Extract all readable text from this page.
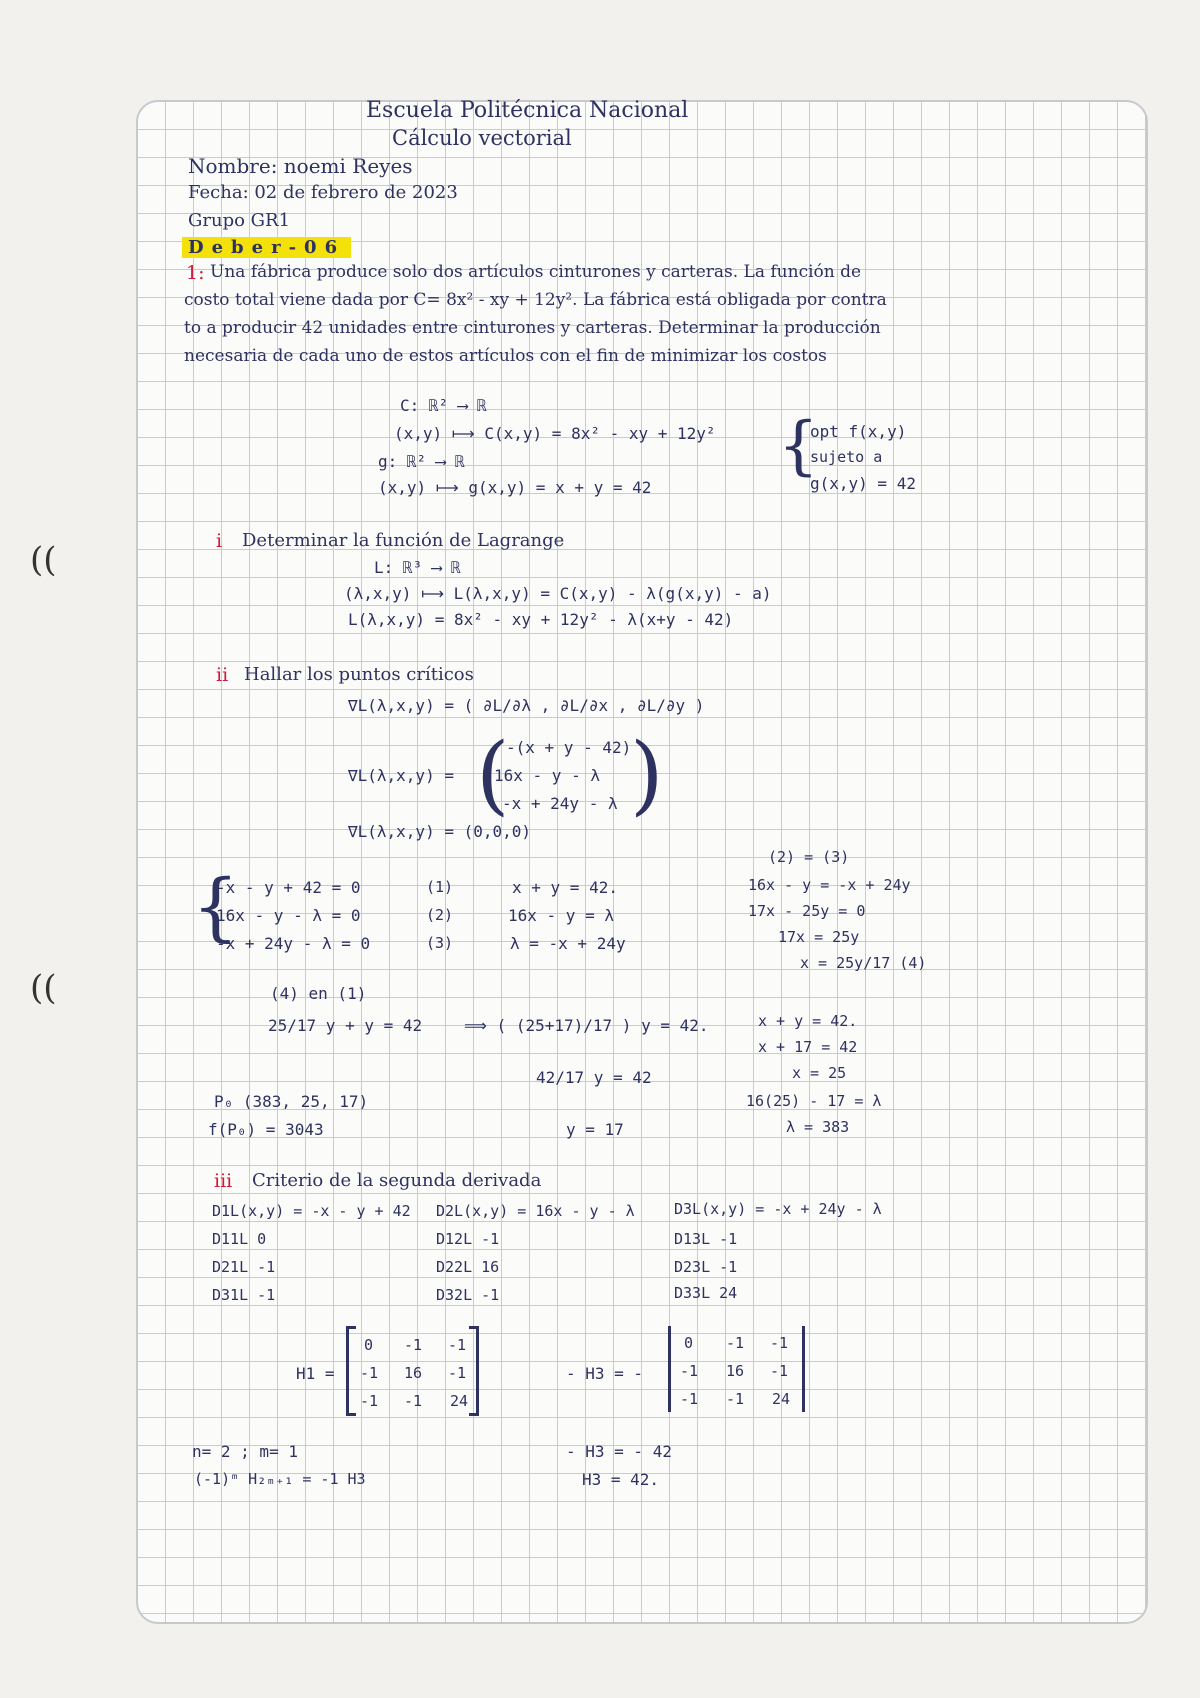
((
((
Escuela Politécnica Nacional
Cálculo vectorial
Nombre: noemi Reyes
Fecha: 02 de febrero de 2023
Grupo GR1
Deber-06
1: Una fábrica produce solo dos artículos cinturones y carteras. La función de
costo total viene dada por C= 8x² - xy + 12y². La fábrica está obligada por contra
to a producir 42 unidades entre cinturones y carteras. Determinar la producción
necesaria de cada uno de estos artículos con el fin de minimizar los costos
C: ℝ² ⟶ ℝ
(x,y) ⟼ C(x,y) = 8x² - xy + 12y²
g: ℝ² ⟶ ℝ
(x,y) ⟼ g(x,y) = x + y = 42
{
opt f(x,y)
sujeto a
g(x,y) = 42
i Determinar la función de Lagrange
L: ℝ³ ⟶ ℝ
(λ,x,y) ⟼ L(λ,x,y) = C(x,y) - λ(g(x,y) - a)
L(λ,x,y) = 8x² - xy + 12y² - λ(x+y - 42)
ii Hallar los puntos críticos
∇L(λ,x,y) = ( ∂L/∂λ , ∂L/∂x , ∂L/∂y )
∇L(λ,x,y) = (
-(x + y - 42)
16x - y - λ
-x + 24y - λ )
∇L(λ,x,y) = (0,0,0)
{
-x - y + 42 = 0
16x - y - λ = 0
-x + 24y - λ = 0
(1)
(2)
(3)
x + y = 42.
16x - y = λ
λ = -x + 24y
(2) = (3)
16x - y = -x + 24y
17x - 25y = 0
17x = 25y
x = 25y/17 (4)
(4) en (1)
25/17 y + y = 42	⟹ ( (25+17)/17 ) y = 42.
42/17 y = 42
y = 17
x + y = 42.
x + 17 = 42
x = 25
16(25) - 17 = λ
λ = 383
P₀ (383, 25, 17)
f(P₀) = 3043
iii Criterio de la segunda derivada
D1L(x,y) = -x - y + 42
D11L 0
D21L -1
D31L -1
D2L(x,y) = 16x - y - λ
D12L -1
D22L 16
D32L -1
D3L(x,y) = -x + 24y - λ
D13L -1
D23L -1
D33L 24
H1 =
0 -1 -1
-1 16 -1
-1 -1 24
- H3 = -
0 -1 -1
-1 16 -1
-1 -1 24
n= 2 ; m= 1
(-1)ᵐ H₂ₘ₊₁ = -1 H3
- H3 = - 42
H3 = 42.
